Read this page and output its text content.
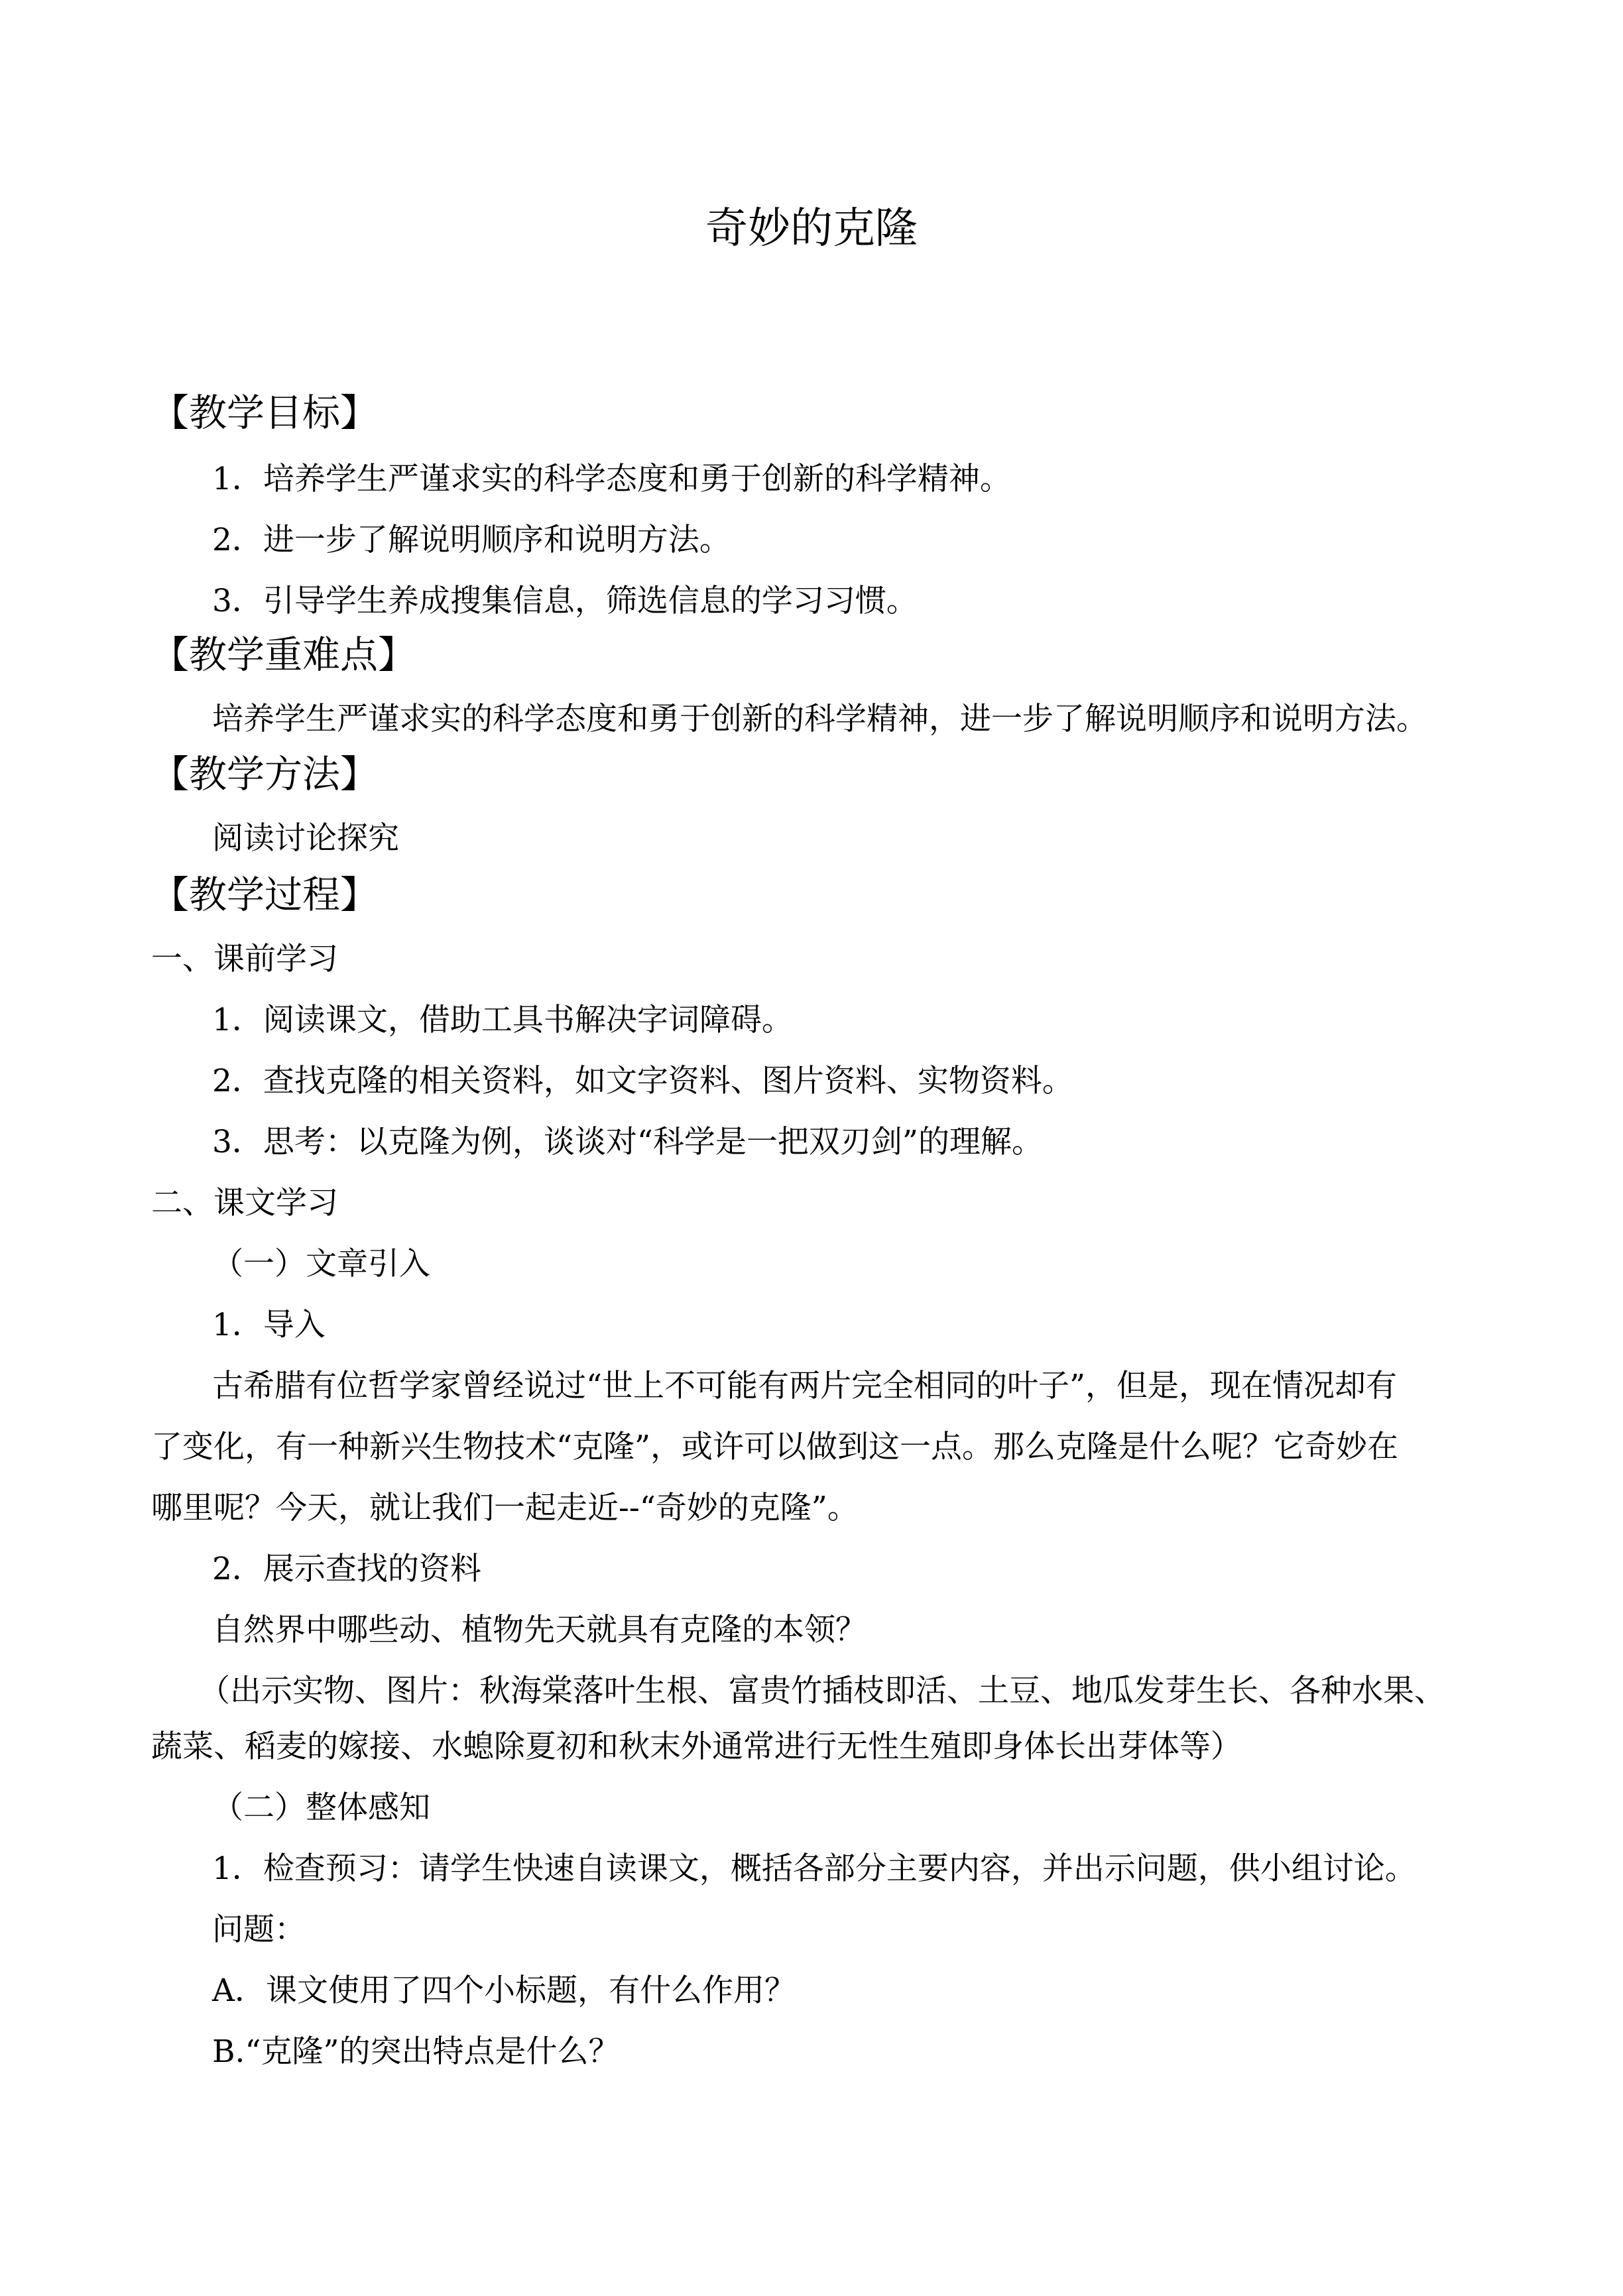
奇妙的克隆
【教学目标】
1．培养学生严谨求实的科学态度和勇于创新的科学精神。
2．进一步了解说明顺序和说明方法。
3．引导学生养成搜集信息，筛选信息的学习习惯。
【教学重难点】
培养学生严谨求实的科学态度和勇于创新的科学精神，进一步了解说明顺序和说明方法。
【教学方法】
阅读讨论探究
【教学过程】
一、课前学习
1．阅读课文，借助工具书解决字词障碍。
2．查找克隆的相关资料，如文字资料、图片资料、实物资料。
3．思考：以克隆为例，谈谈对“科学是一把双刃剑”的理解。
二、课文学习
（一）文章引入
1．导入
古希腊有位哲学家曾经说过“世上不可能有两片完全相同的叶子”，但是，现在情况却有
了变化，有一种新兴生物技术“克隆”，或许可以做到这一点。那么克隆是什么呢？它奇妙在
哪里呢？今天，就让我们一起走近--“奇妙的克隆”。
2．展示查找的资料
自然界中哪些动、植物先天就具有克隆的本领？
（出示实物、图片：秋海棠落叶生根、富贵竹插枝即活、土豆、地瓜发芽生长、各种水果、
蔬菜、稻麦的嫁接、水螅除夏初和秋末外通常进行无性生殖即身体长出芽体等）
（二）整体感知
1．检查预习：请学生快速自读课文，概括各部分主要内容，并出示问题，供小组讨论。
问题：
A．课文使用了四个小标题，有什么作用？
B.“克隆”的突出特点是什么？
